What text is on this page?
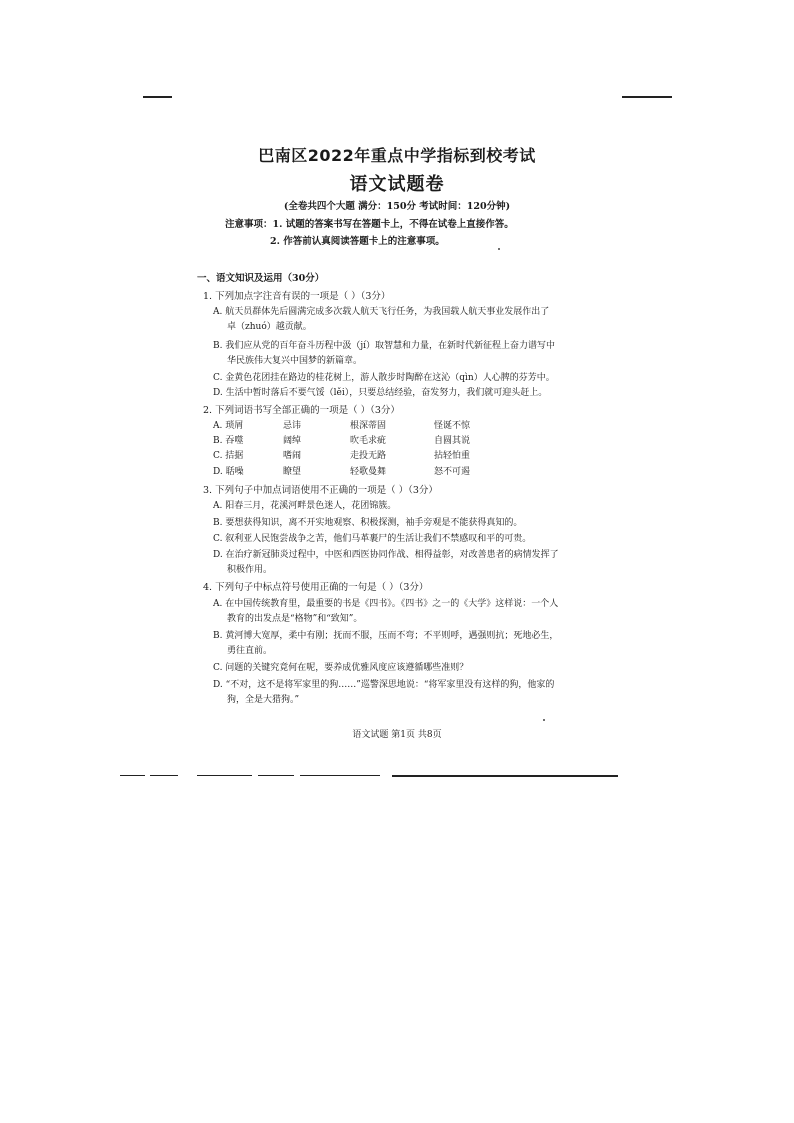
巴南区2022年重点中学指标到校考试
语文试题卷
(全卷共四个大题 满分：150分 考试时间：120分钟)
注意事项：1. 试题的答案书写在答题卡上，不得在试卷上直接作答。
2. 作答前认真阅读答题卡上的注意事项。
一、语文知识及运用（30分）
1. 下列加点字注音有误的一项是（ ）（3分）
A. 航天员群体先后圆满完成多次载人航天飞行任务，为我国载人航天事业发展作出了
卓（zhuó）越贡献。
B. 我们应从党的百年奋斗历程中汲（jí）取智慧和力量，在新时代新征程上奋力谱写中
华民族伟大复兴中国梦的新篇章。
C. 金黄色花团挂在路边的桂花树上，游人散步时陶醉在这沁（qìn）人心脾的芬芳中。
D. 生活中暂时落后不要气馁（lěi），只要总结经验，奋发努力，我们就可迎头赶上。
2. 下列词语书写全部正确的一项是（ ）（3分）
A. 琐屑	忌讳	根深蒂固	怪诞不惊
B. 吞噬	阔绰	吹毛求疵	自圆其说
C. 拮据	嗜闹	走投无路	拈轻怕重
D. 聒噪	瞭望	轻歌曼舞	怒不可遏
3. 下列句子中加点词语使用不正确的一项是（ ）（3分）
A. 阳春三月，花溪河畔景色迷人，花团锦簇。
B. 要想获得知识，离不开实地观察、积极探测，袖手旁观是不能获得真知的。
C. 叙利亚人民饱尝战争之苦，他们马革裹尸的生活让我们不禁感叹和平的可贵。
D. 在治疗新冠肺炎过程中，中医和西医协同作战、相得益彰，对改善患者的病情发挥了
积极作用。
4. 下列句子中标点符号使用正确的一句是（ ）（3分）
A. 在中国传统教育里，最重要的书是《四书》。《四书》之一的《大学》这样说：一个人
教育的出发点是“格物”和“致知”。
B. 黄河博大宽厚，柔中有刚；抚而不服，压而不弯；不平则呼，遇强则抗；死地必生，
勇往直前。
C. 问题的关键究竟何在呢，要养成优雅风度应该遵循哪些准则？
D. “不对，这不是将军家里的狗……”巡警深思地说：“将军家里没有这样的狗，他家的
狗，全是大猎狗。”
语文试题 第1页 共8页
